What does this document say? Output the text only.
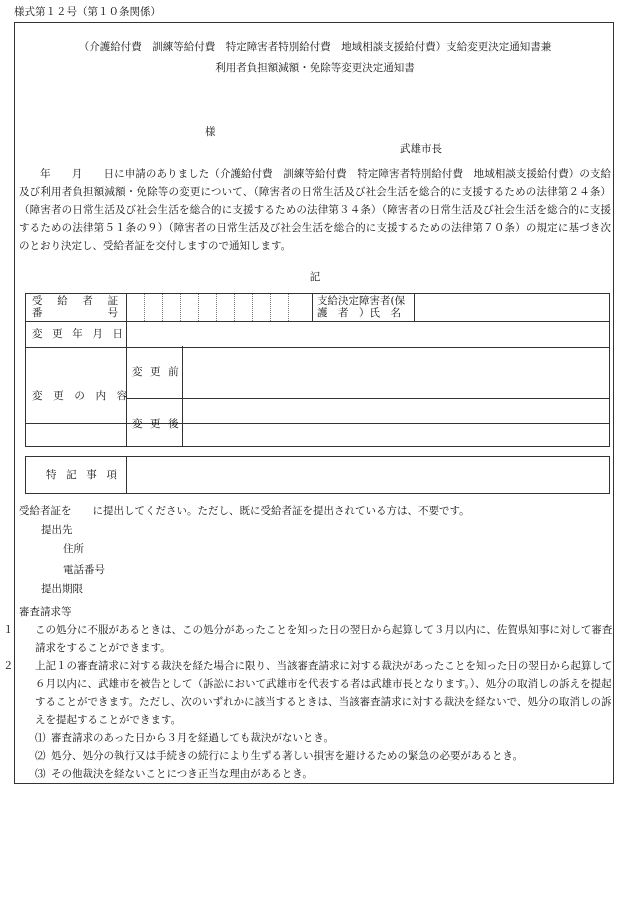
様式第１２号（第１０条関係）
（介護給付費　訓練等給付費　特定障害者特別給付費　地域相談支援給付費）支給変更決定通知書兼
利用者負担額減額・免除等変更決定通知書
様
武雄市長

　　年　　月　　日に申請のありました（介護給付費　訓練等給付費　特定障害者特別給付費　地域相談支援給付費）の支給及び利用者負担額減額・免除等の変更について、（障害者の日常生活及び社会生活を総合的に支援するための法律第２４条）（障害者の日常生活及び社会生活を総合的に支援するための法律第３４条）（障害者の日常生活及び社会生活を総合的に支援するための法律第５１条の９）（障害者の日常生活及び社会生活を総合的に支援するための法律第７０条）の規定に基づき次のとおり決定し、受給者証を交付しますので通知します。

記
受　給　者　証
番　　　　　号
支給決定障害者(保
護　者　）氏　名
変 更 年 月 日
変 更 の 内 容
変 更 前
変 更 後
特 記 事 項

受給者証を　　に提出してください。ただし、既に受給者証を提出されている方は、不要です。

提出先

住所

電話番号

提出期限

審査請求等

１ この処分に不服があるときは、この処分があったことを知った日の翌日から起算して３月以内に、佐賀県知事に対して審査請求をすることができます。

２ 上記１の審査請求に対する裁決を経た場合に限り、当該審査請求に対する裁決があったことを知った日の翌日から起算して６月以内に、武雄市を被告として（訴訟において武雄市を代表する者は武雄市長となります。）、処分の取消しの訴えを提起することができます。ただし、次のいずれかに該当するときは、当該審査請求に対する裁決を経ないで、処分の取消しの訴えを提起することができます。

⑴ 審査請求のあった日から３月を経過しても裁決がないとき。

⑵ 処分、処分の執行又は手続きの続行により生ずる著しい損害を避けるための緊急の必要があるとき。

⑶ その他裁決を経ないことにつき正当な理由があるとき。
